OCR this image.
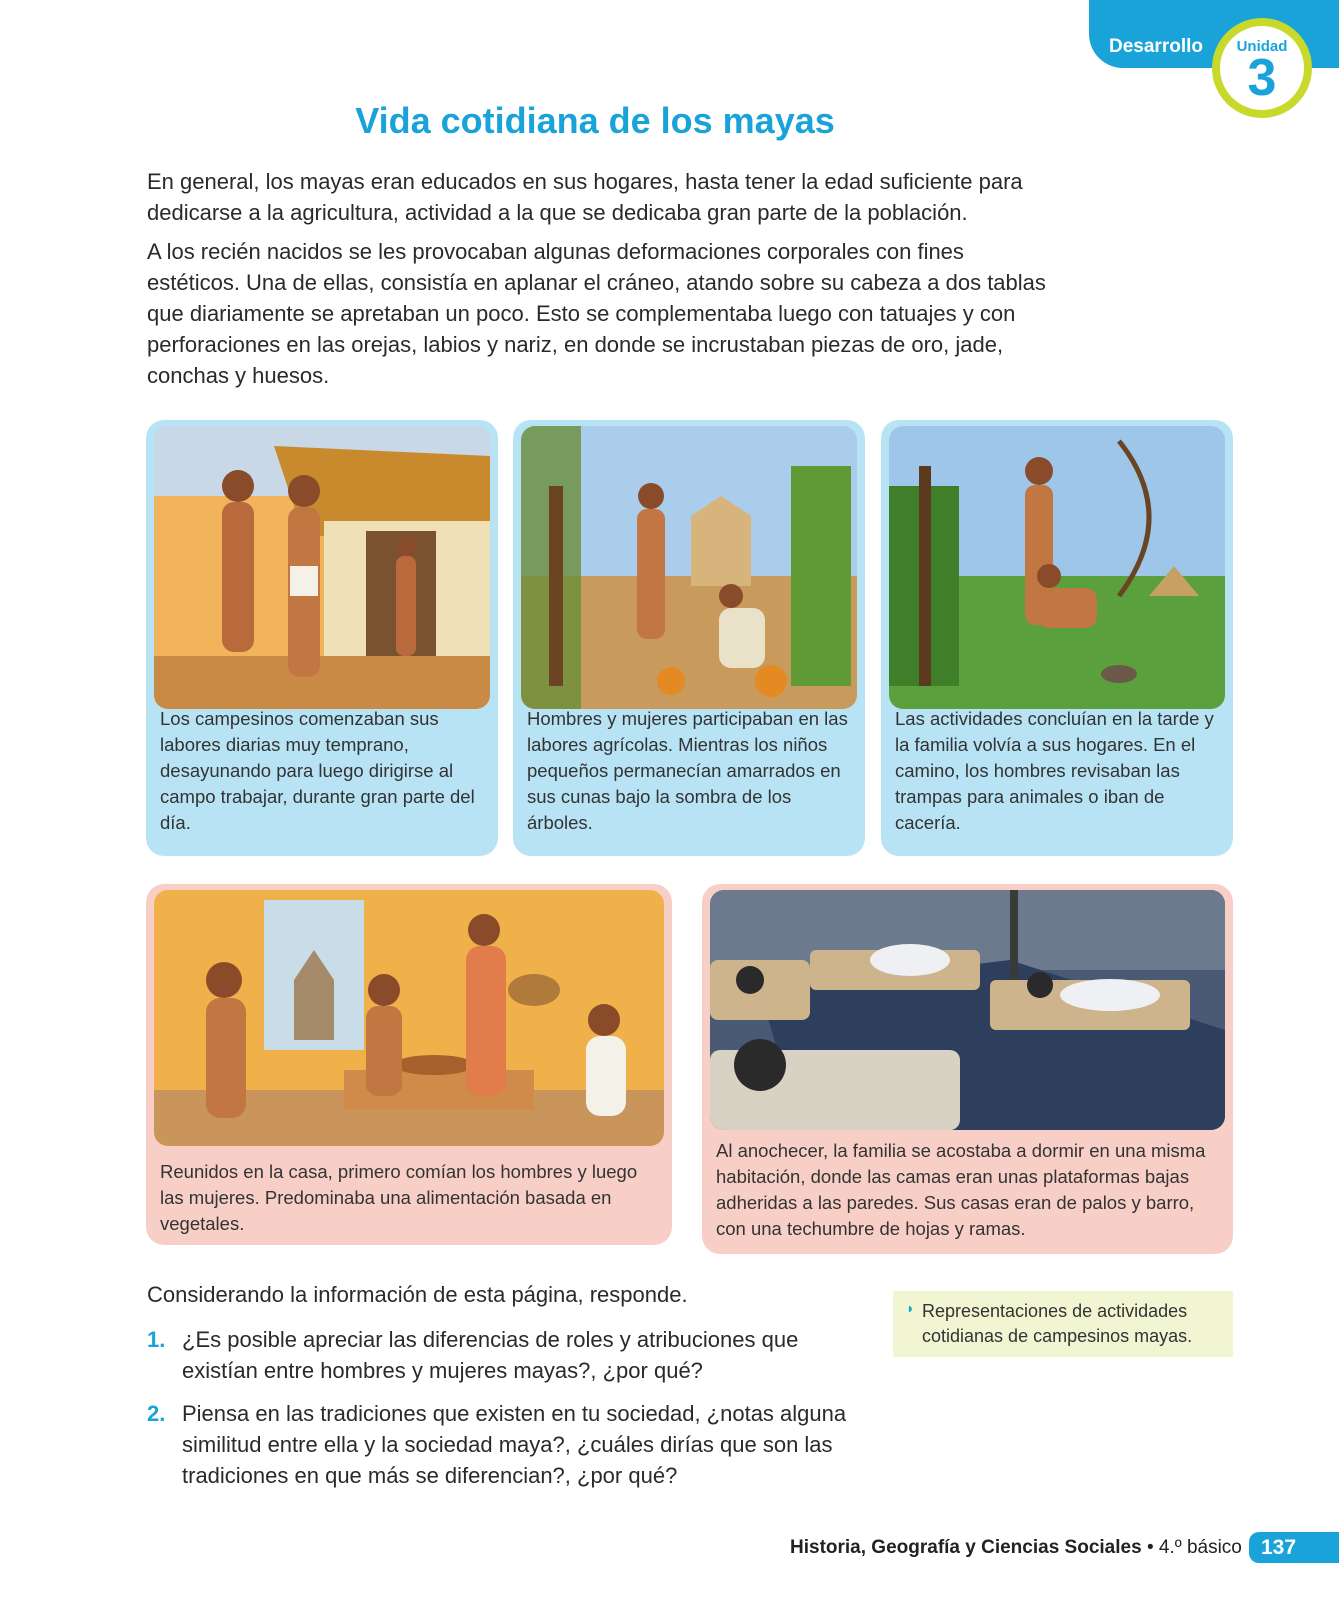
Desarrollo	Unidad
3
Vida cotidiana de los mayas

En general, los mayas eran educados en sus hogares, hasta tener la edad suficiente para dedicarse a la agricultura, actividad a la que se dedicaba gran parte de la población.

A los recién nacidos se les provocaban algunas deformaciones corporales con fines estéticos. Una de ellas, consistía en aplanar el cráneo, atando sobre su cabeza a dos tablas que diariamente se apretaban un poco. Esto se complementaba luego con tatuajes y con perforaciones en las orejas, labios y nariz, en donde se incrustaban piezas de oro, jade, conchas y huesos.

Los campesinos comenzaban sus labores diarias muy temprano, desayunando para luego dirigirse al campo trabajar, durante gran parte del día.

Hombres y mujeres participaban en las labores agrícolas. Mientras los niños pequeños permanecían amarrados en sus cunas bajo la sombra de los árboles.

Las actividades concluían en la tarde y la familia volvía a sus hogares. En el camino, los hombres revisaban las trampas para animales o iban de cacería.

Reunidos en la casa, primero comían los hombres y luego las mujeres. Predominaba una alimentación basada en vegetales.

Al anochecer, la familia se acostaba a dormir en una misma habitación, donde las camas eran unas plataformas bajas adheridas a las paredes. Sus casas eran de palos y barro, con una techumbre de hojas y ramas.

Considerando la información de esta página, responde.

1. ¿Es posible apreciar las diferencias de roles y atribuciones que existían entre hombres y mujeres mayas?, ¿por qué?
2. Piensa en las tradiciones que existen en tu sociedad, ¿notas alguna similitud entre ella y la sociedad maya?, ¿cuáles dirías que son las tradiciones en que más se diferencian?, ¿por qué?
◗ Representaciones de actividades cotidianas de campesinos mayas.
Historia, Geografía y Ciencias Sociales • 4.º básico 137
